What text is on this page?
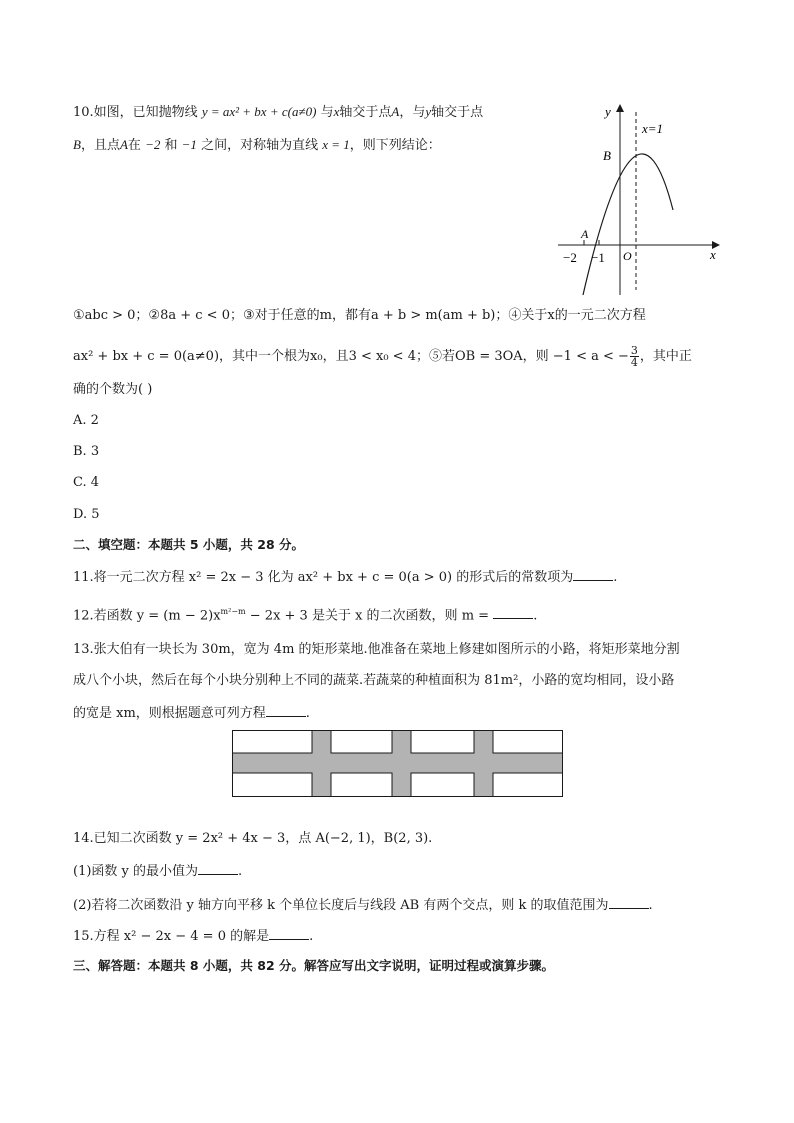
10.如图，已知抛物线 y = ax² + bx + c(a≠0) 与x轴交于点A，与y轴交于点
B，且点A在 −2 和 −1 之间，对称轴为直线 x = 1，则下列结论：
y
x
x=1
B
A
O
−2 −1
①abc > 0；②8a + c < 0；③对于任意的m，都有a + b > m(am + b)；④关于x的一元二次方程
ax² + bx + c = 0(a≠0)，其中一个根为x₀，且3 < x₀ < 4；⑤若OB = 3OA，则 −1 < a < − $\frac{3}{4}$ ，其中正
确的个数为( )
A. 2
B. 3
C. 4
D. 5
二、填空题：本题共 5 小题，共 28 分。
11.将一元二次方程 x² = 2x − 3 化为 ax² + bx + c = 0(a > 0) 的形式后的常数项为	.
12.若函数 $y = (m - 2)x^{m^2-m} - 2x + 3$ 是关于 x 的二次函数，则 m =	.
13.张大伯有一块长为 30m，宽为 4m 的矩形菜地.他准备在菜地上修建如图所示的小路，将矩形菜地分割
成八个小块，然后在每个小块分别种上不同的蔬菜.若蔬菜的种植面积为 81m²，小路的宽均相同，设小路
的宽是 xm，则根据题意可列方程	.
14.已知二次函数 y = 2x² + 4x − 3，点 A(−2, 1)，B(2, 3).
(1)函数 y 的最小值为	.
(2)若将二次函数沿 y 轴方向平移 k 个单位长度后与线段 AB 有两个交点，则 k 的取值范围为	.
15.方程 x² − 2x − 4 = 0 的解是	.
三、解答题：本题共 8 小题，共 82 分。解答应写出文字说明，证明过程或演算步骤。
